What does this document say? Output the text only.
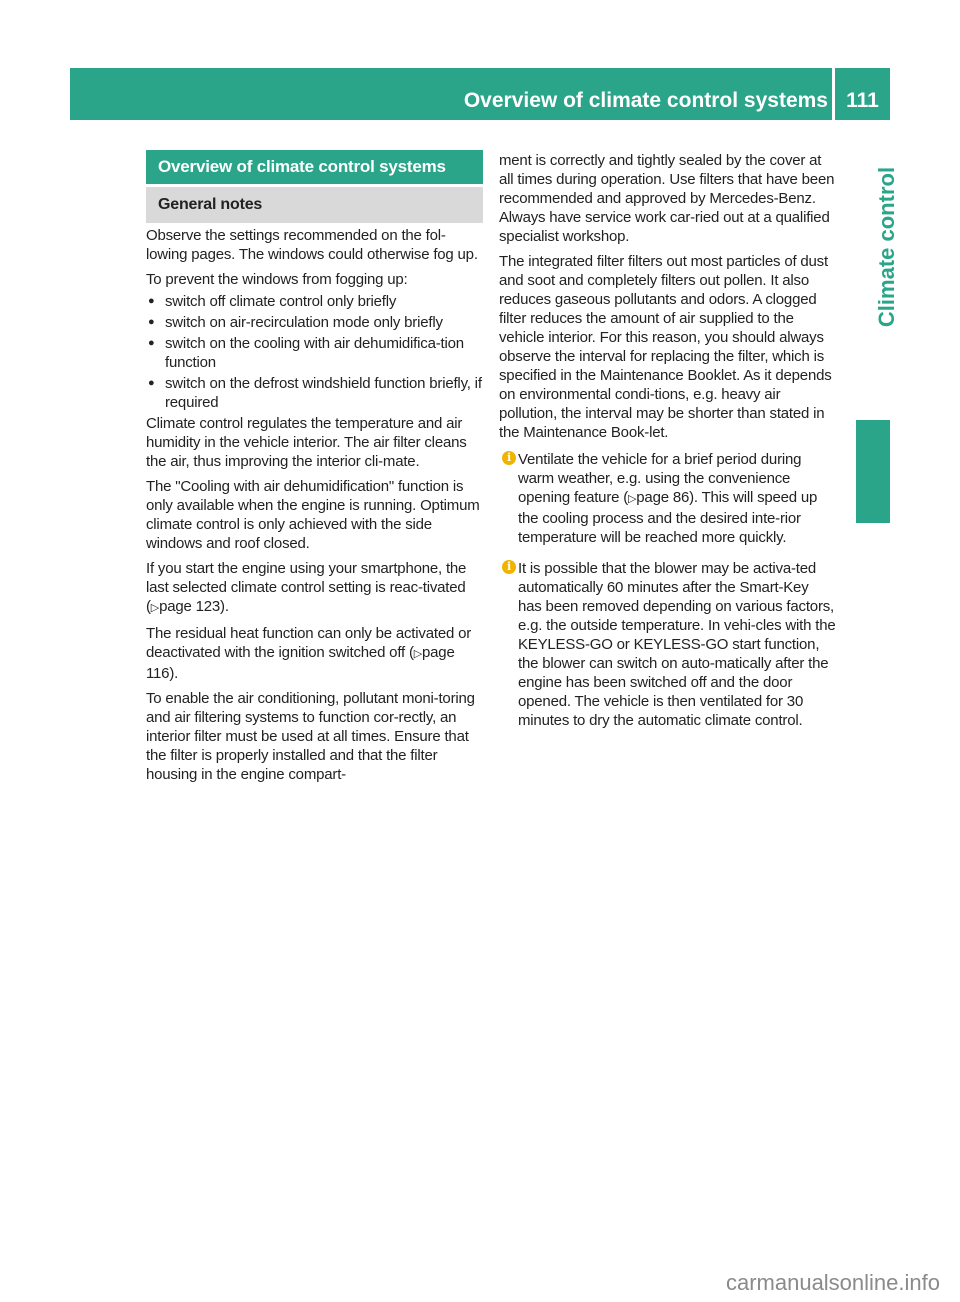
Overview of climate control systems 111
Climate control
Overview of climate control systems
General notes

Observe the settings recommended on the fol-lowing pages. The windows could otherwise fog up.

To prevent the windows from fogging up:

● switch off climate control only briefly
● switch on air-recirculation mode only briefly
● switch on the cooling with air dehumidifica-tion function
● switch on the defrost windshield function briefly, if required

Climate control regulates the temperature and air humidity in the vehicle interior. The air filter cleans the air, thus improving the interior cli-mate.

The "Cooling with air dehumidification" function is only available when the engine is running. Optimum climate control is only achieved with the side windows and roof closed.

If you start the engine using your smartphone, the last selected climate control setting is reac-tivated (▷page 123).

The residual heat function can only be activated or deactivated with the ignition switched off (▷page 116).

To enable the air conditioning, pollutant moni-toring and air filtering systems to function cor-rectly, an interior filter must be used at all times. Ensure that the filter is properly installed and that the filter housing in the engine compart-

ment is correctly and tightly sealed by the cover at all times during operation. Use filters that have been recommended and approved by Mercedes-Benz. Always have service work car-ried out at a qualified specialist workshop.

The integrated filter filters out most particles of dust and soot and completely filters out pollen. It also reduces gaseous pollutants and odors. A clogged filter reduces the amount of air supplied to the vehicle interior. For this reason, you should always observe the interval for replacing the filter, which is specified in the Maintenance Booklet. As it depends on environmental condi-tions, e.g. heavy air pollution, the interval may be shorter than stated in the Maintenance Book-let.

i Ventilate the vehicle for a brief period during warm weather, e.g. using the convenience opening feature (▷page 86). This will speed up the cooling process and the desired inte-rior temperature will be reached more quickly.
i It is possible that the blower may be activa-ted automatically 60 minutes after the Smart-Key has been removed depending on various factors, e.g. the outside temperature. In vehi-cles with the KEYLESS-GO or KEYLESS-GO start function, the blower can switch on auto-matically after the engine has been switched off and the door opened. The vehicle is then ventilated for 30 minutes to dry the automatic climate control.
carmanualsonline.info
